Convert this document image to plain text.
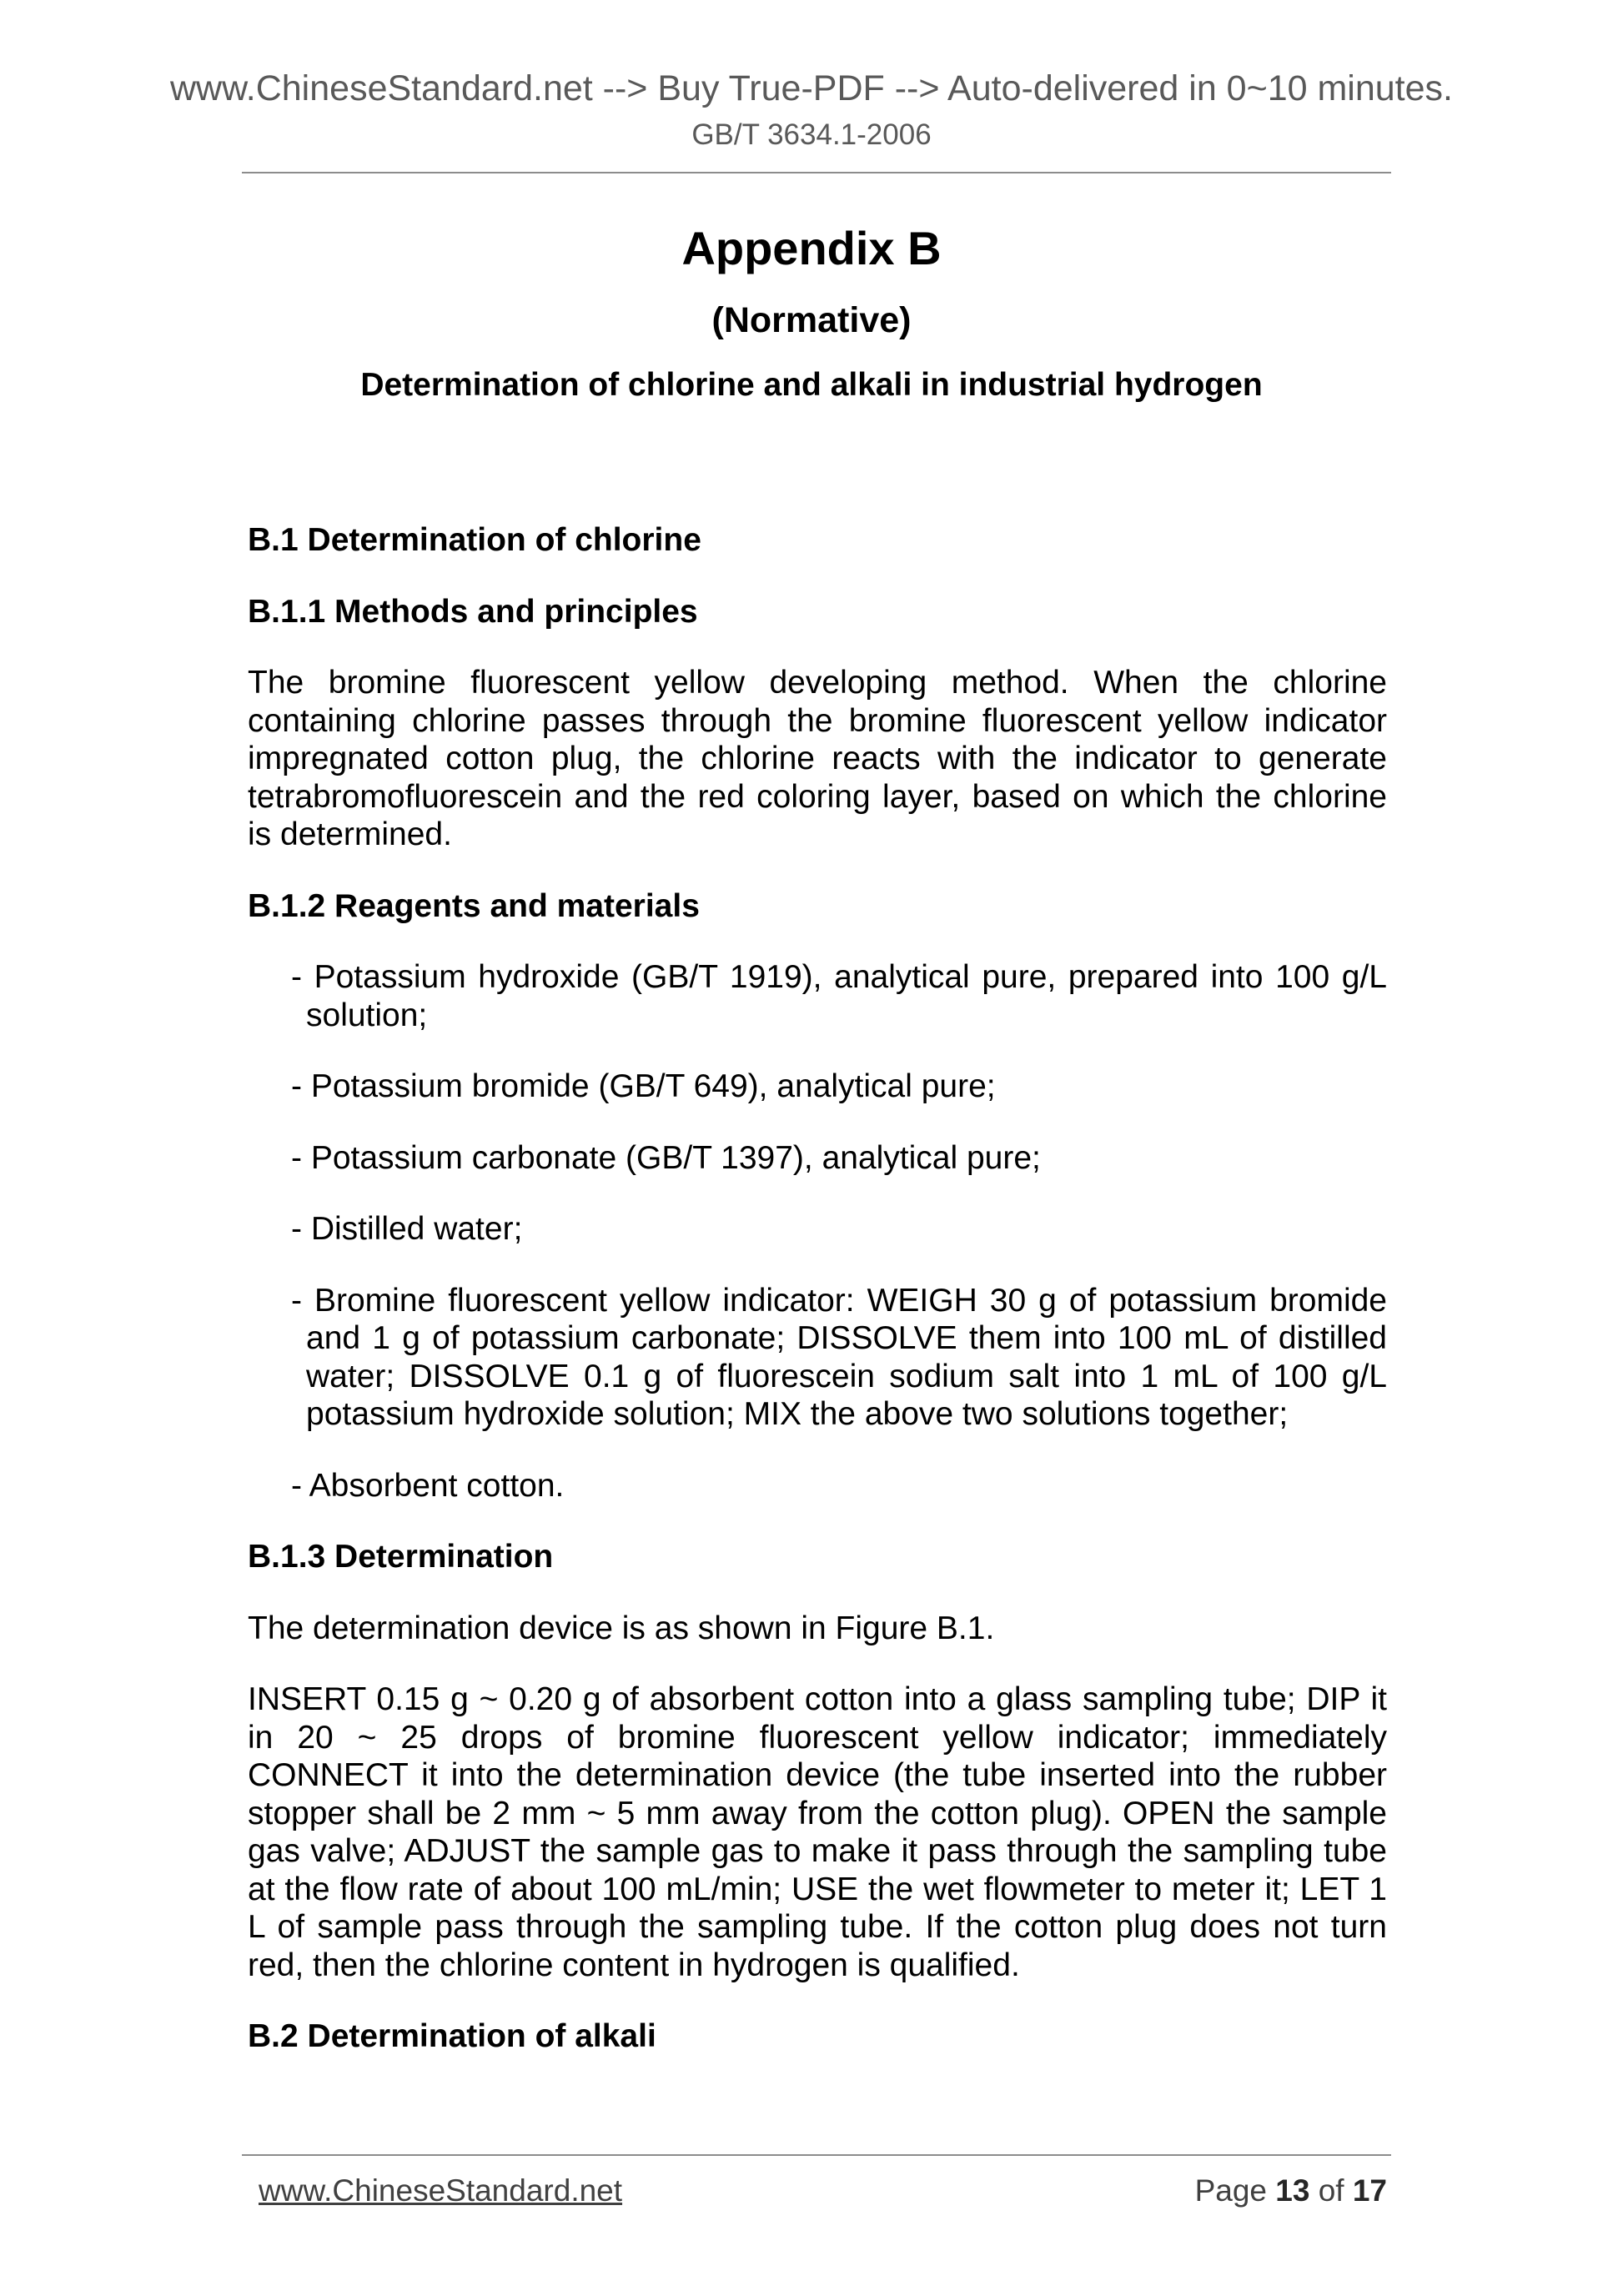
www.ChineseStandard.net --> Buy True-PDF --> Auto-delivered in 0~10 minutes.
GB/T 3634.1-2006
Appendix B
(Normative)
Determination of chlorine and alkali in industrial hydrogen
B.1 Determination of chlorine
B.1.1 Methods and principles

The bromine fluorescent yellow developing method. When the chlorine containing chlorine passes through the bromine fluorescent yellow indicator impregnated cotton plug, the chlorine reacts with the indicator to generate tetrabromofluorescein and the red coloring layer, based on which the chlorine is determined.

B.1.2 Reagents and materials
- Potassium hydroxide (GB/T 1919), analytical pure, prepared into 100 g/L solution;
- Potassium bromide (GB/T 649), analytical pure;
- Potassium carbonate (GB/T 1397), analytical pure;
- Distilled water;
- Bromine fluorescent yellow indicator: WEIGH 30 g of potassium bromide and 1 g of potassium carbonate; DISSOLVE them into 100 mL of distilled water; DISSOLVE 0.1 g of fluorescein sodium salt into 1 mL of 100 g/L potassium hydroxide solution; MIX the above two solutions together;
- Absorbent cotton.
B.1.3 Determination

The determination device is as shown in Figure B.1.

INSERT 0.15 g ~ 0.20 g of absorbent cotton into a glass sampling tube; DIP it in 20 ~ 25 drops of bromine fluorescent yellow indicator; immediately CONNECT it into the determination device (the tube inserted into the rubber stopper shall be 2 mm ~ 5 mm away from the cotton plug). OPEN the sample gas valve; ADJUST the sample gas to make it pass through the sampling tube at the flow rate of about 100 mL/min; USE the wet flowmeter to meter it; LET 1 L of sample pass through the sampling tube. If the cotton plug does not turn red, then the chlorine content in hydrogen is qualified.

B.2 Determination of alkali
www.ChineseStandard.net	Page 13 of 17
